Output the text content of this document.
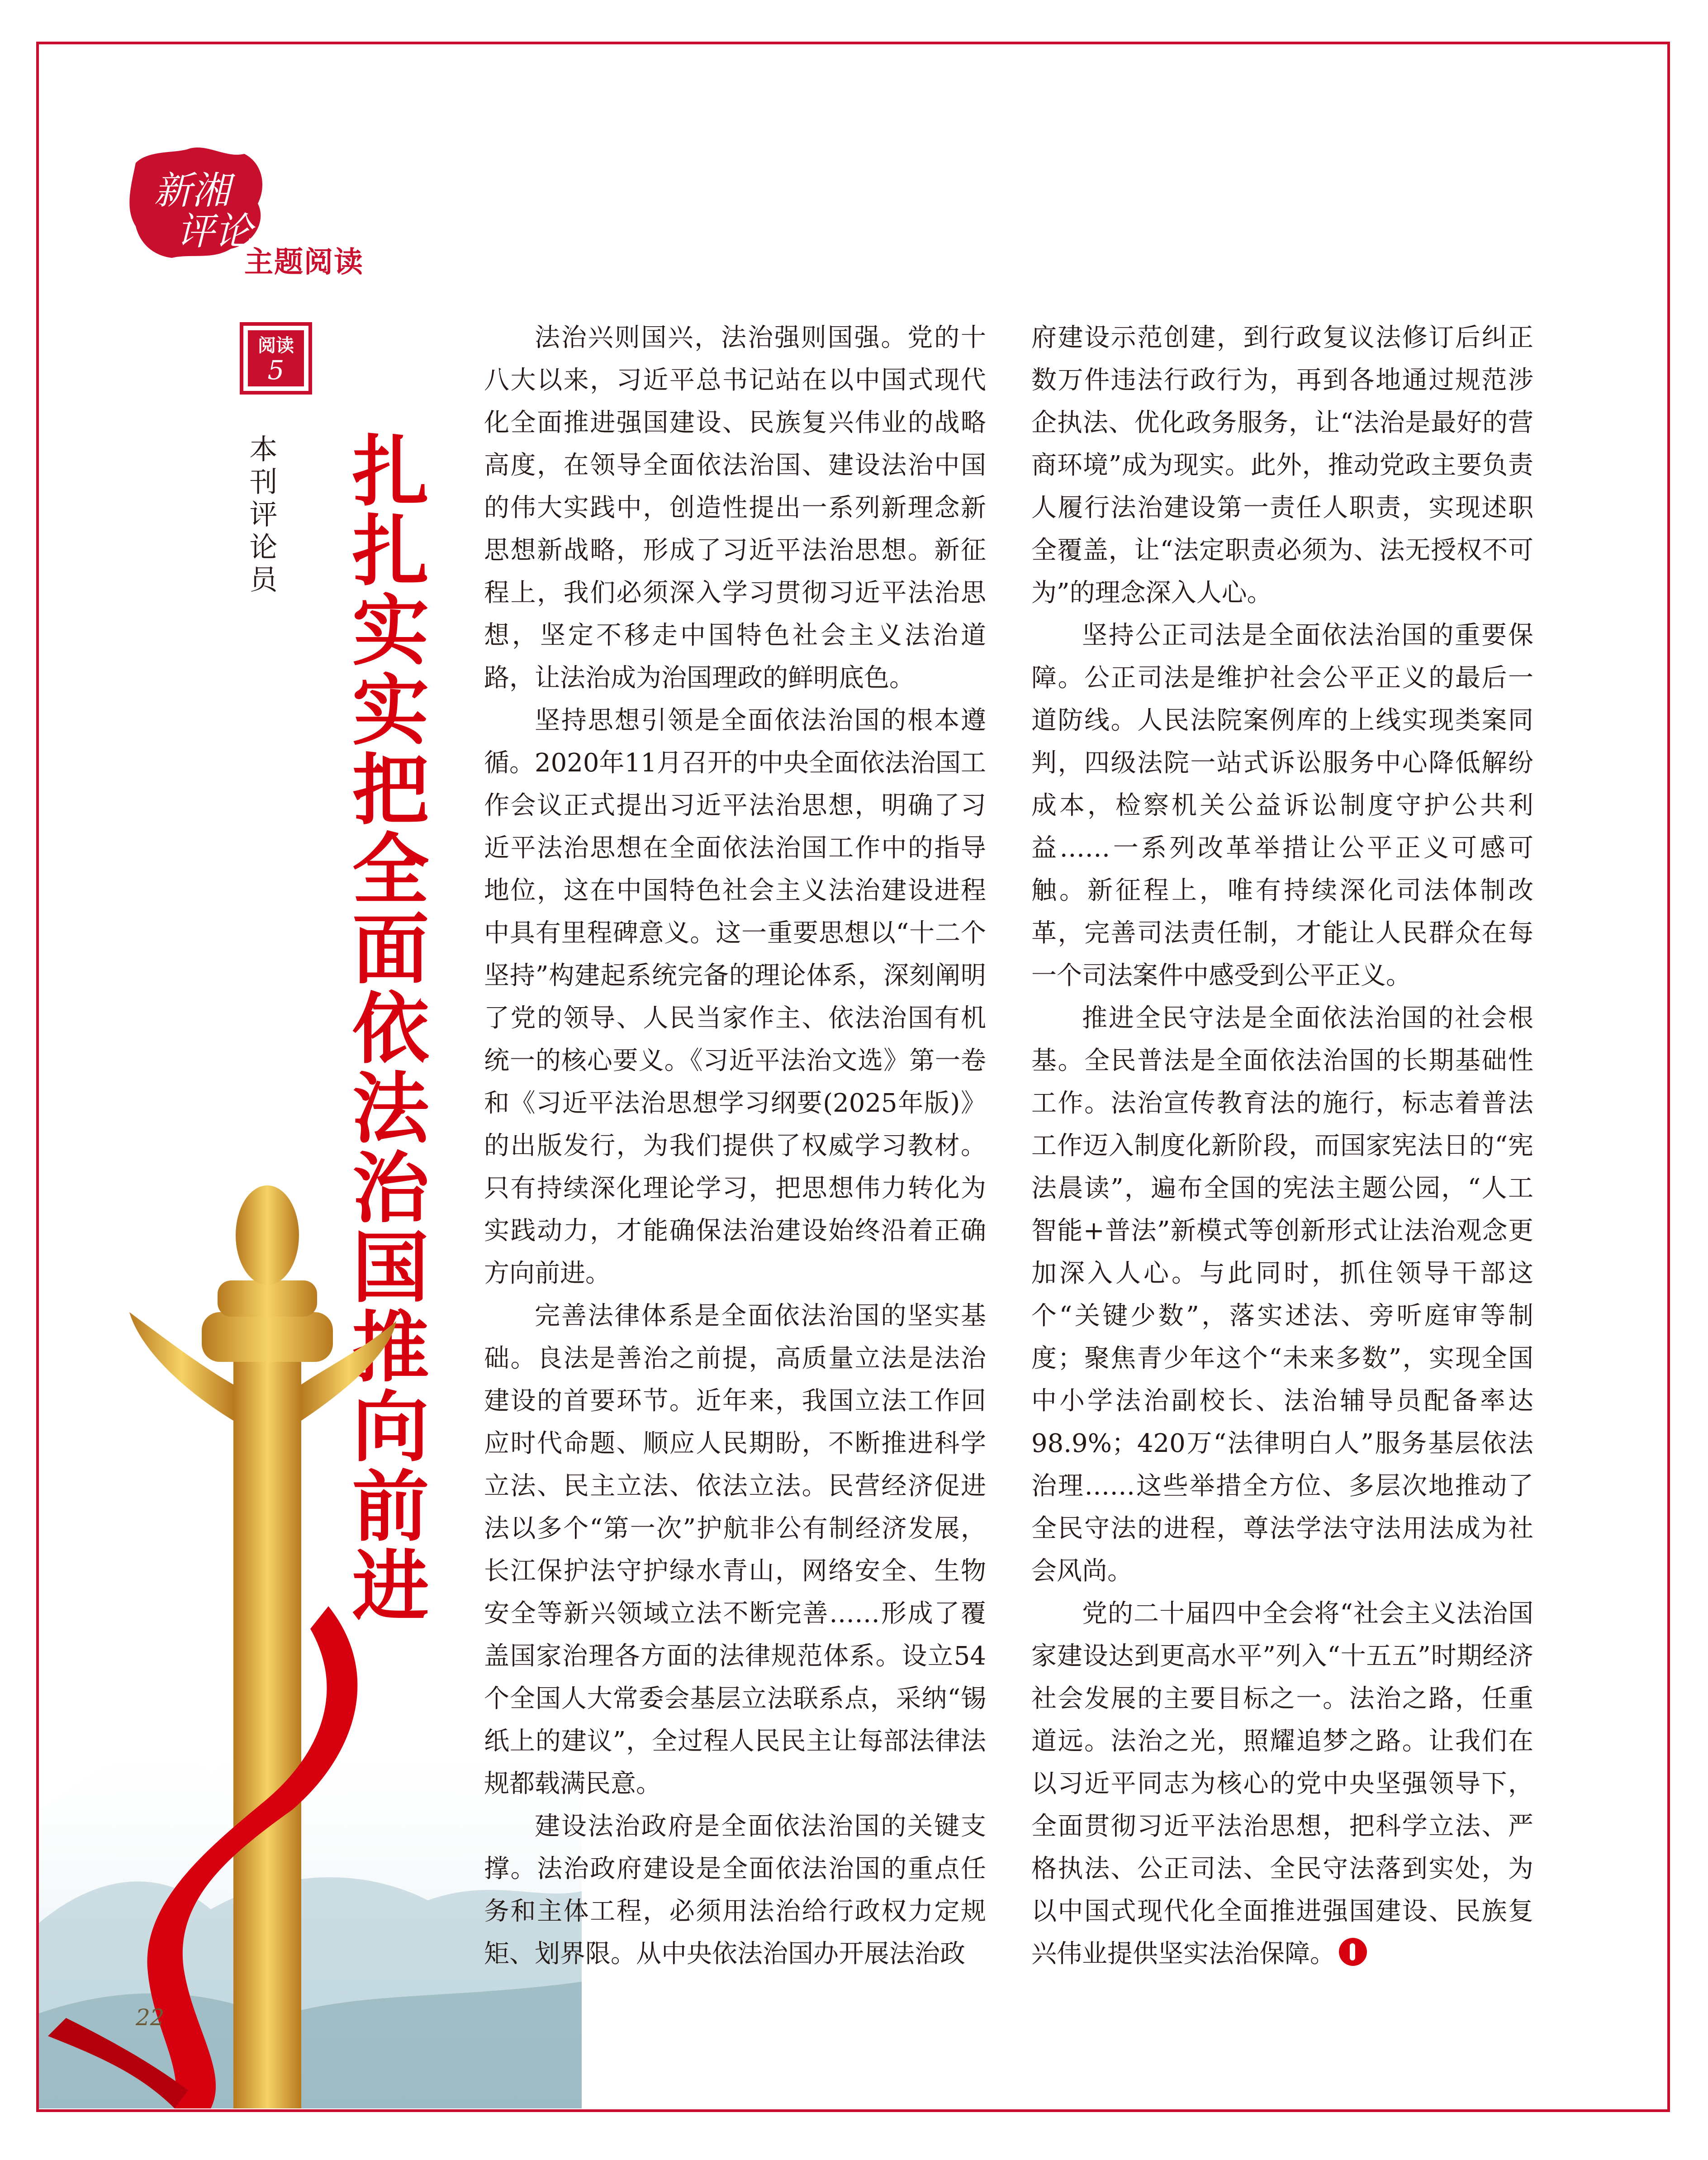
新湘
评论
主题阅读
阅读
5
本刊评论员 扎扎实实把全面依法治国推向前进
22

法治兴则国兴，法治强则国强。党的十八大以来，习近平总书记站在以中国式现代化全面推进强国建设、民族复兴伟业的战略高度，在领导全面依法治国、建设法治中国的伟大实践中，创造性提出一系列新理念新思想新战略，形成了习近平法治思想。新征程上，我们必须深入学习贯彻习近平法治思想，坚定不移走中国特色社会主义法治道路，让法治成为治国理政的鲜明底色。

坚持思想引领是全面依法治国的根本遵循。2020年11月召开的中央全面依法治国工作会议正式提出习近平法治思想，明确了习近平法治思想在全面依法治国工作中的指导地位，这在中国特色社会主义法治建设进程中具有里程碑意义。这一重要思想以“十二个坚持”构建起系统完备的理论体系，深刻阐明了党的领导、人民当家作主、依法治国有机统一的核心要义。《习近平法治文选》第一卷和《习近平法治思想学习纲要(2025年版)》的出版发行，为我们提供了权威学习教材。只有持续深化理论学习，把思想伟力转化为实践动力，才能确保法治建设始终沿着正确方向前进。

完善法律体系是全面依法治国的坚实基础。良法是善治之前提，高质量立法是法治建设的首要环节。近年来，我国立法工作回应时代命题、顺应人民期盼，不断推进科学立法、民主立法、依法立法。民营经济促进法以多个“第一次”护航非公有制经济发展，长江保护法守护绿水青山，网络安全、生物安全等新兴领域立法不断完善……形成了覆盖国家治理各方面的法律规范体系。设立54个全国人大常委会基层立法联系点，采纳“锡纸上的建议”，全过程人民民主让每部法律法规都载满民意。

建设法治政府是全面依法治国的关键支撑。法治政府建设是全面依法治国的重点任务和主体工程，必须用法治给行政权力定规矩、划界限。从中央依法治国办开展法治政

府建设示范创建，到行政复议法修订后纠正数万件违法行政行为，再到各地通过规范涉企执法、优化政务服务，让“法治是最好的营商环境”成为现实。此外，推动党政主要负责人履行法治建设第一责任人职责，实现述职全覆盖，让“法定职责必须为、法无授权不可为”的理念深入人心。

坚持公正司法是全面依法治国的重要保障。公正司法是维护社会公平正义的最后一道防线。人民法院案例库的上线实现类案同判，四级法院一站式诉讼服务中心降低解纷成本，检察机关公益诉讼制度守护公共利益……一系列改革举措让公平正义可感可触。新征程上，唯有持续深化司法体制改革，完善司法责任制，才能让人民群众在每一个司法案件中感受到公平正义。

推进全民守法是全面依法治国的社会根基。全民普法是全面依法治国的长期基础性工作。法治宣传教育法的施行，标志着普法工作迈入制度化新阶段，而国家宪法日的“宪法晨读”，遍布全国的宪法主题公园，“人工智能+普法”新模式等创新形式让法治观念更加深入人心。与此同时，抓住领导干部这个“关键少数”，落实述法、旁听庭审等制度；聚焦青少年这个“未来多数”，实现全国中小学法治副校长、法治辅导员配备率达98.9%；420万“法律明白人”服务基层依法治理……这些举措全方位、多层次地推动了全民守法的进程，尊法学法守法用法成为社会风尚。

党的二十届四中全会将“社会主义法治国家建设达到更高水平”列入“十五五”时期经济社会发展的主要目标之一。法治之路，任重道远。法治之光，照耀追梦之路。让我们在以习近平同志为核心的党中央坚强领导下，全面贯彻习近平法治思想，把科学立法、严格执法、公正司法、全民守法落到实处，为以中国式现代化全面推进强国建设、民族复兴伟业提供坚实法治保障。
